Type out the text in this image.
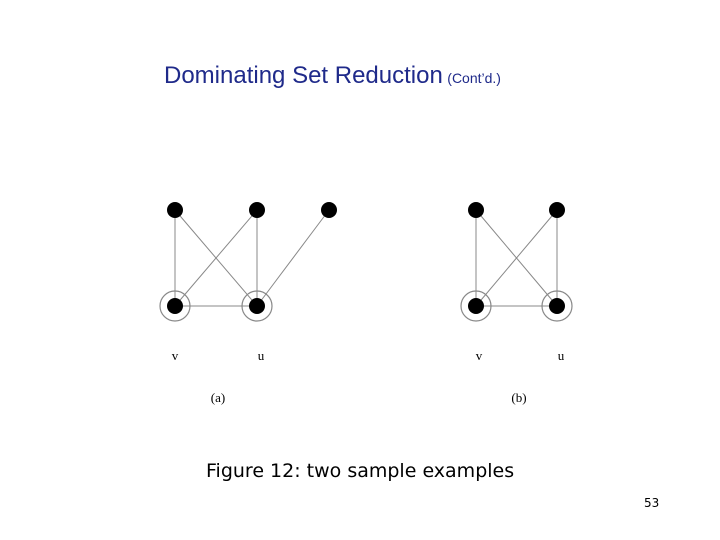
Dominating Set Reduction (Cont’d.)
v	u
(a)
v	u
(b)
Figure 12: two sample examples
53
